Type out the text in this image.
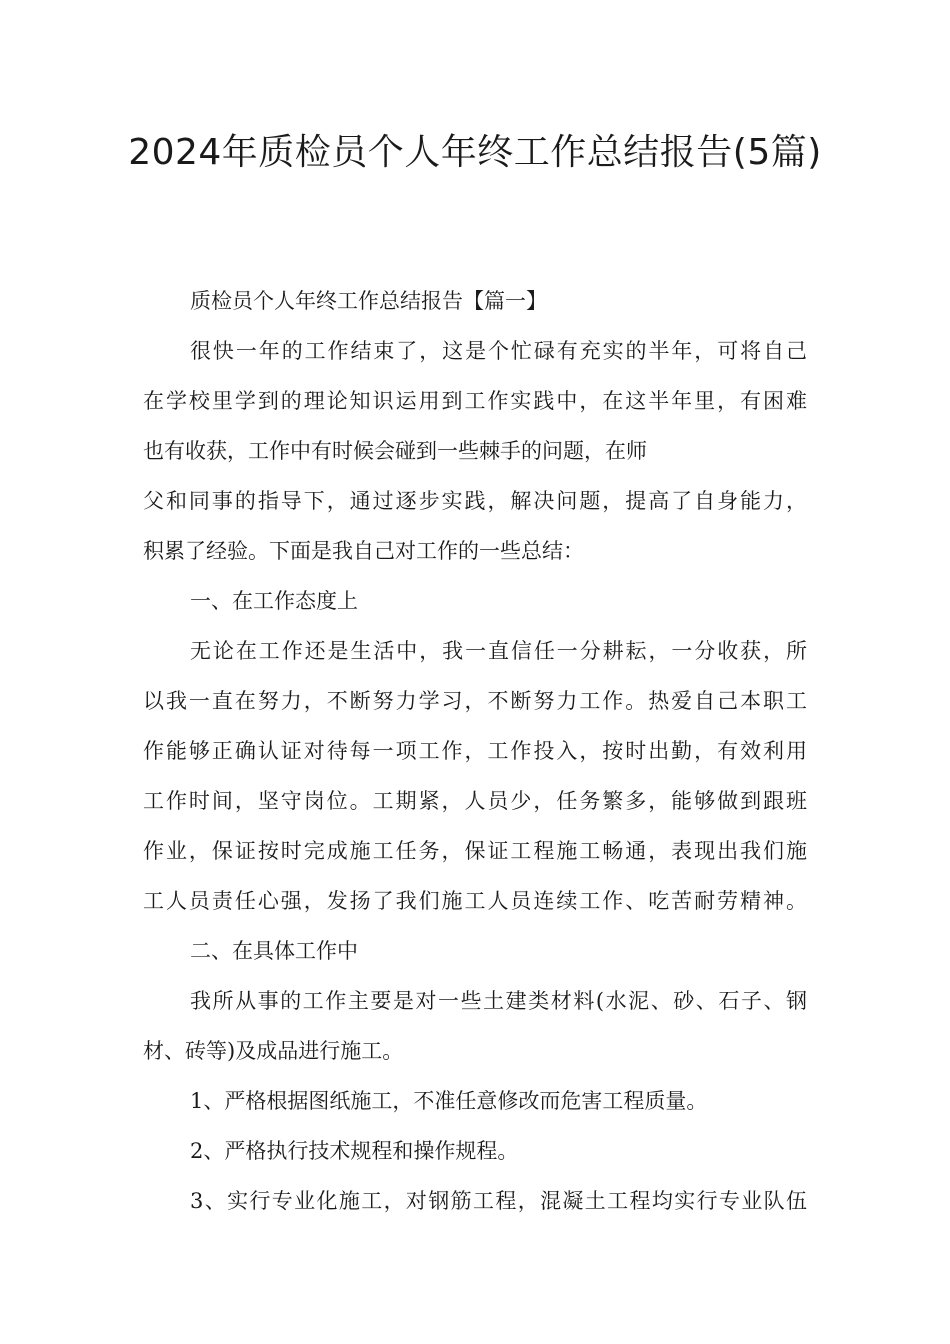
2024年质检员个人年终工作总结报告(5篇)

质检员个人年终工作总结报告【篇一】

很快一年的工作结束了，这是个忙碌有充实的半年，可将自己

在学校里学到的理论知识运用到工作实践中，在这半年里，有困难

也有收获，工作中有时候会碰到一些棘手的问题，在师

父和同事的指导下，通过逐步实践，解决问题，提高了自身能力，

积累了经验。下面是我自己对工作的一些总结：

一、在工作态度上

无论在工作还是生活中，我一直信任一分耕耘，一分收获，所

以我一直在努力，不断努力学习，不断努力工作。热爱自己本职工

作能够正确认证对待每一项工作，工作投入，按时出勤，有效利用

工作时间，坚守岗位。工期紧，人员少，任务繁多，能够做到跟班

作业，保证按时完成施工任务，保证工程施工畅通，表现出我们施

工人员责任心强，发扬了我们施工人员连续工作、吃苦耐劳精神。

二、在具体工作中

我所从事的工作主要是对一些土建类材料(水泥、砂、石子、钢

材、砖等)及成品进行施工。

1、严格根据图纸施工，不准任意修改而危害工程质量。

2、严格执行技术规程和操作规程。

3、实行专业化施工，对钢筋工程，混凝土工程均实行专业队伍
